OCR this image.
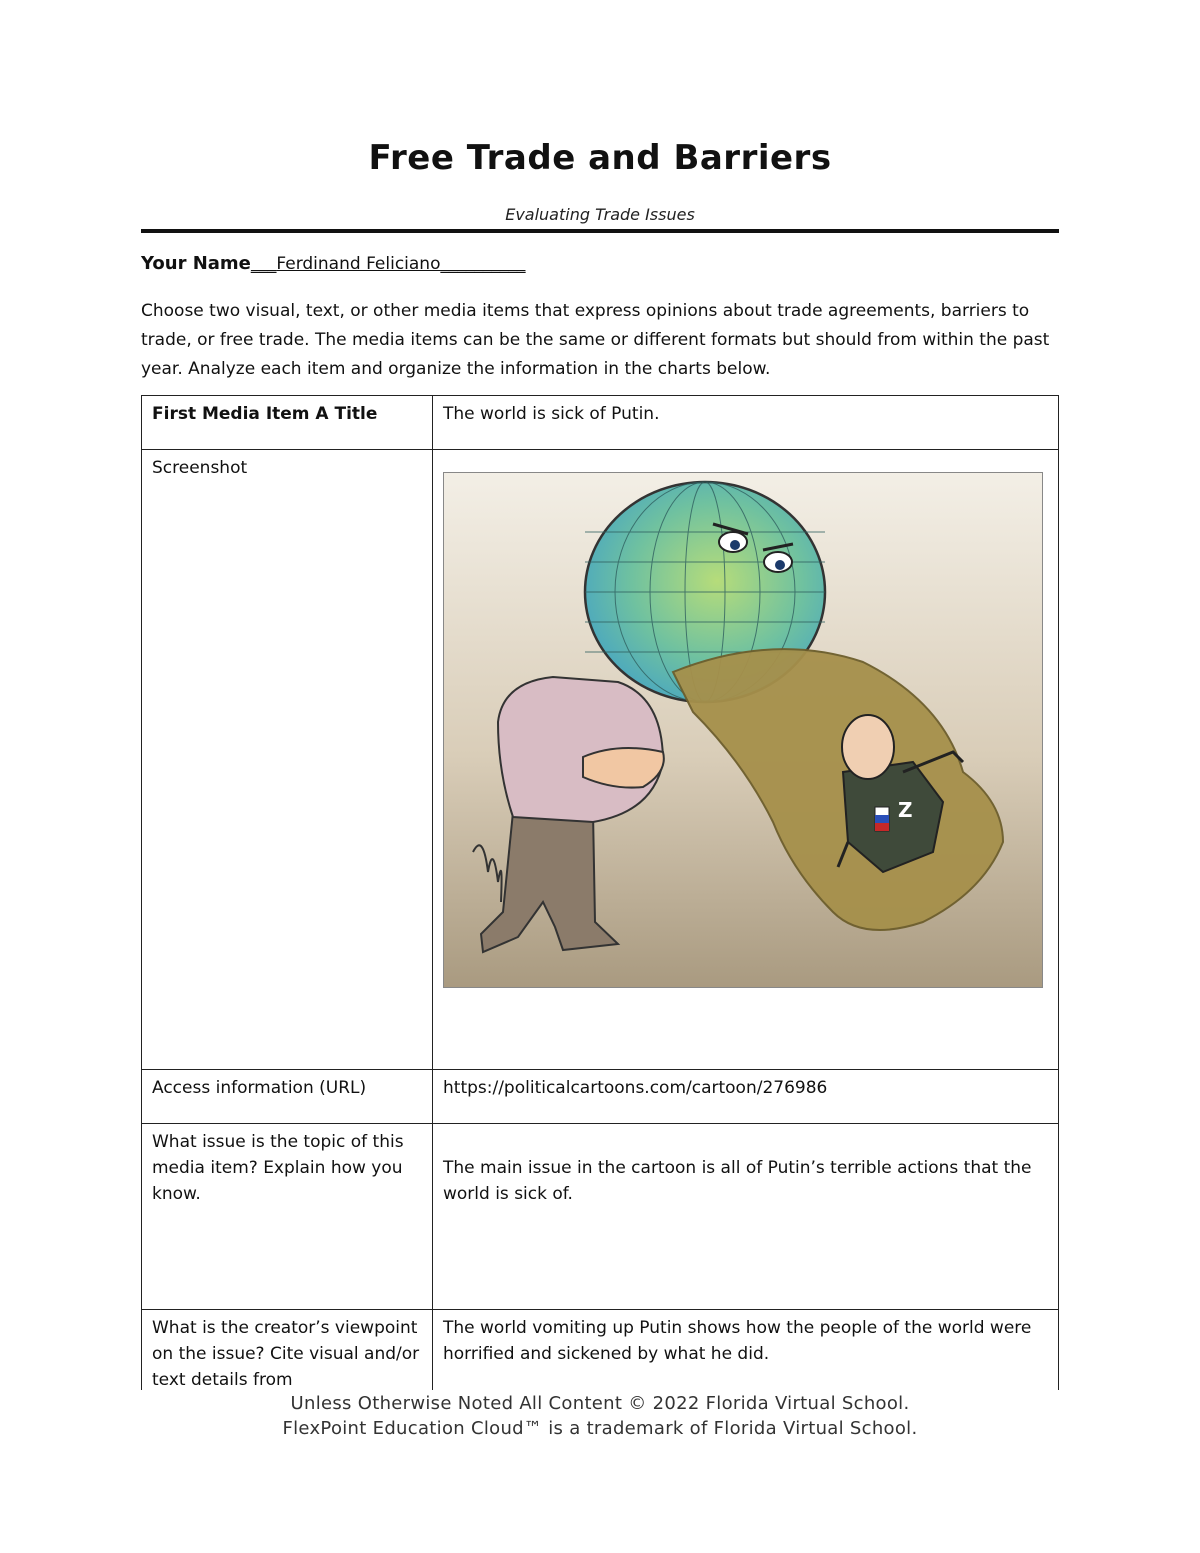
Free Trade and Barriers
Evaluating Trade Issues
Your Name___Ferdinand Feliciano__________
Choose two visual, text, or other media items that express opinions about trade agreements, barriers to trade, or free trade. The media items can be the same or different formats but should from within the past year. Analyze each item and organize the information in the charts below.
First Media Item A Title	The world is sick of Putin.
Screenshot	Z

Access information (URL)	https://politicalcartoons.com/cartoon/276986
What issue is the topic of this media item? Explain how you know.	The main issue in the cartoon is all of Putin’s terrible actions that the world is sick of.

What is the creator’s viewpoint on the issue? Cite visual and/or text details from	The world vomiting up Putin shows how the people of the world were horrified and sickened by what he did.
Unless Otherwise Noted All Content © 2022 Florida Virtual School.
FlexPoint Education Cloud™ is a trademark of Florida Virtual School.
